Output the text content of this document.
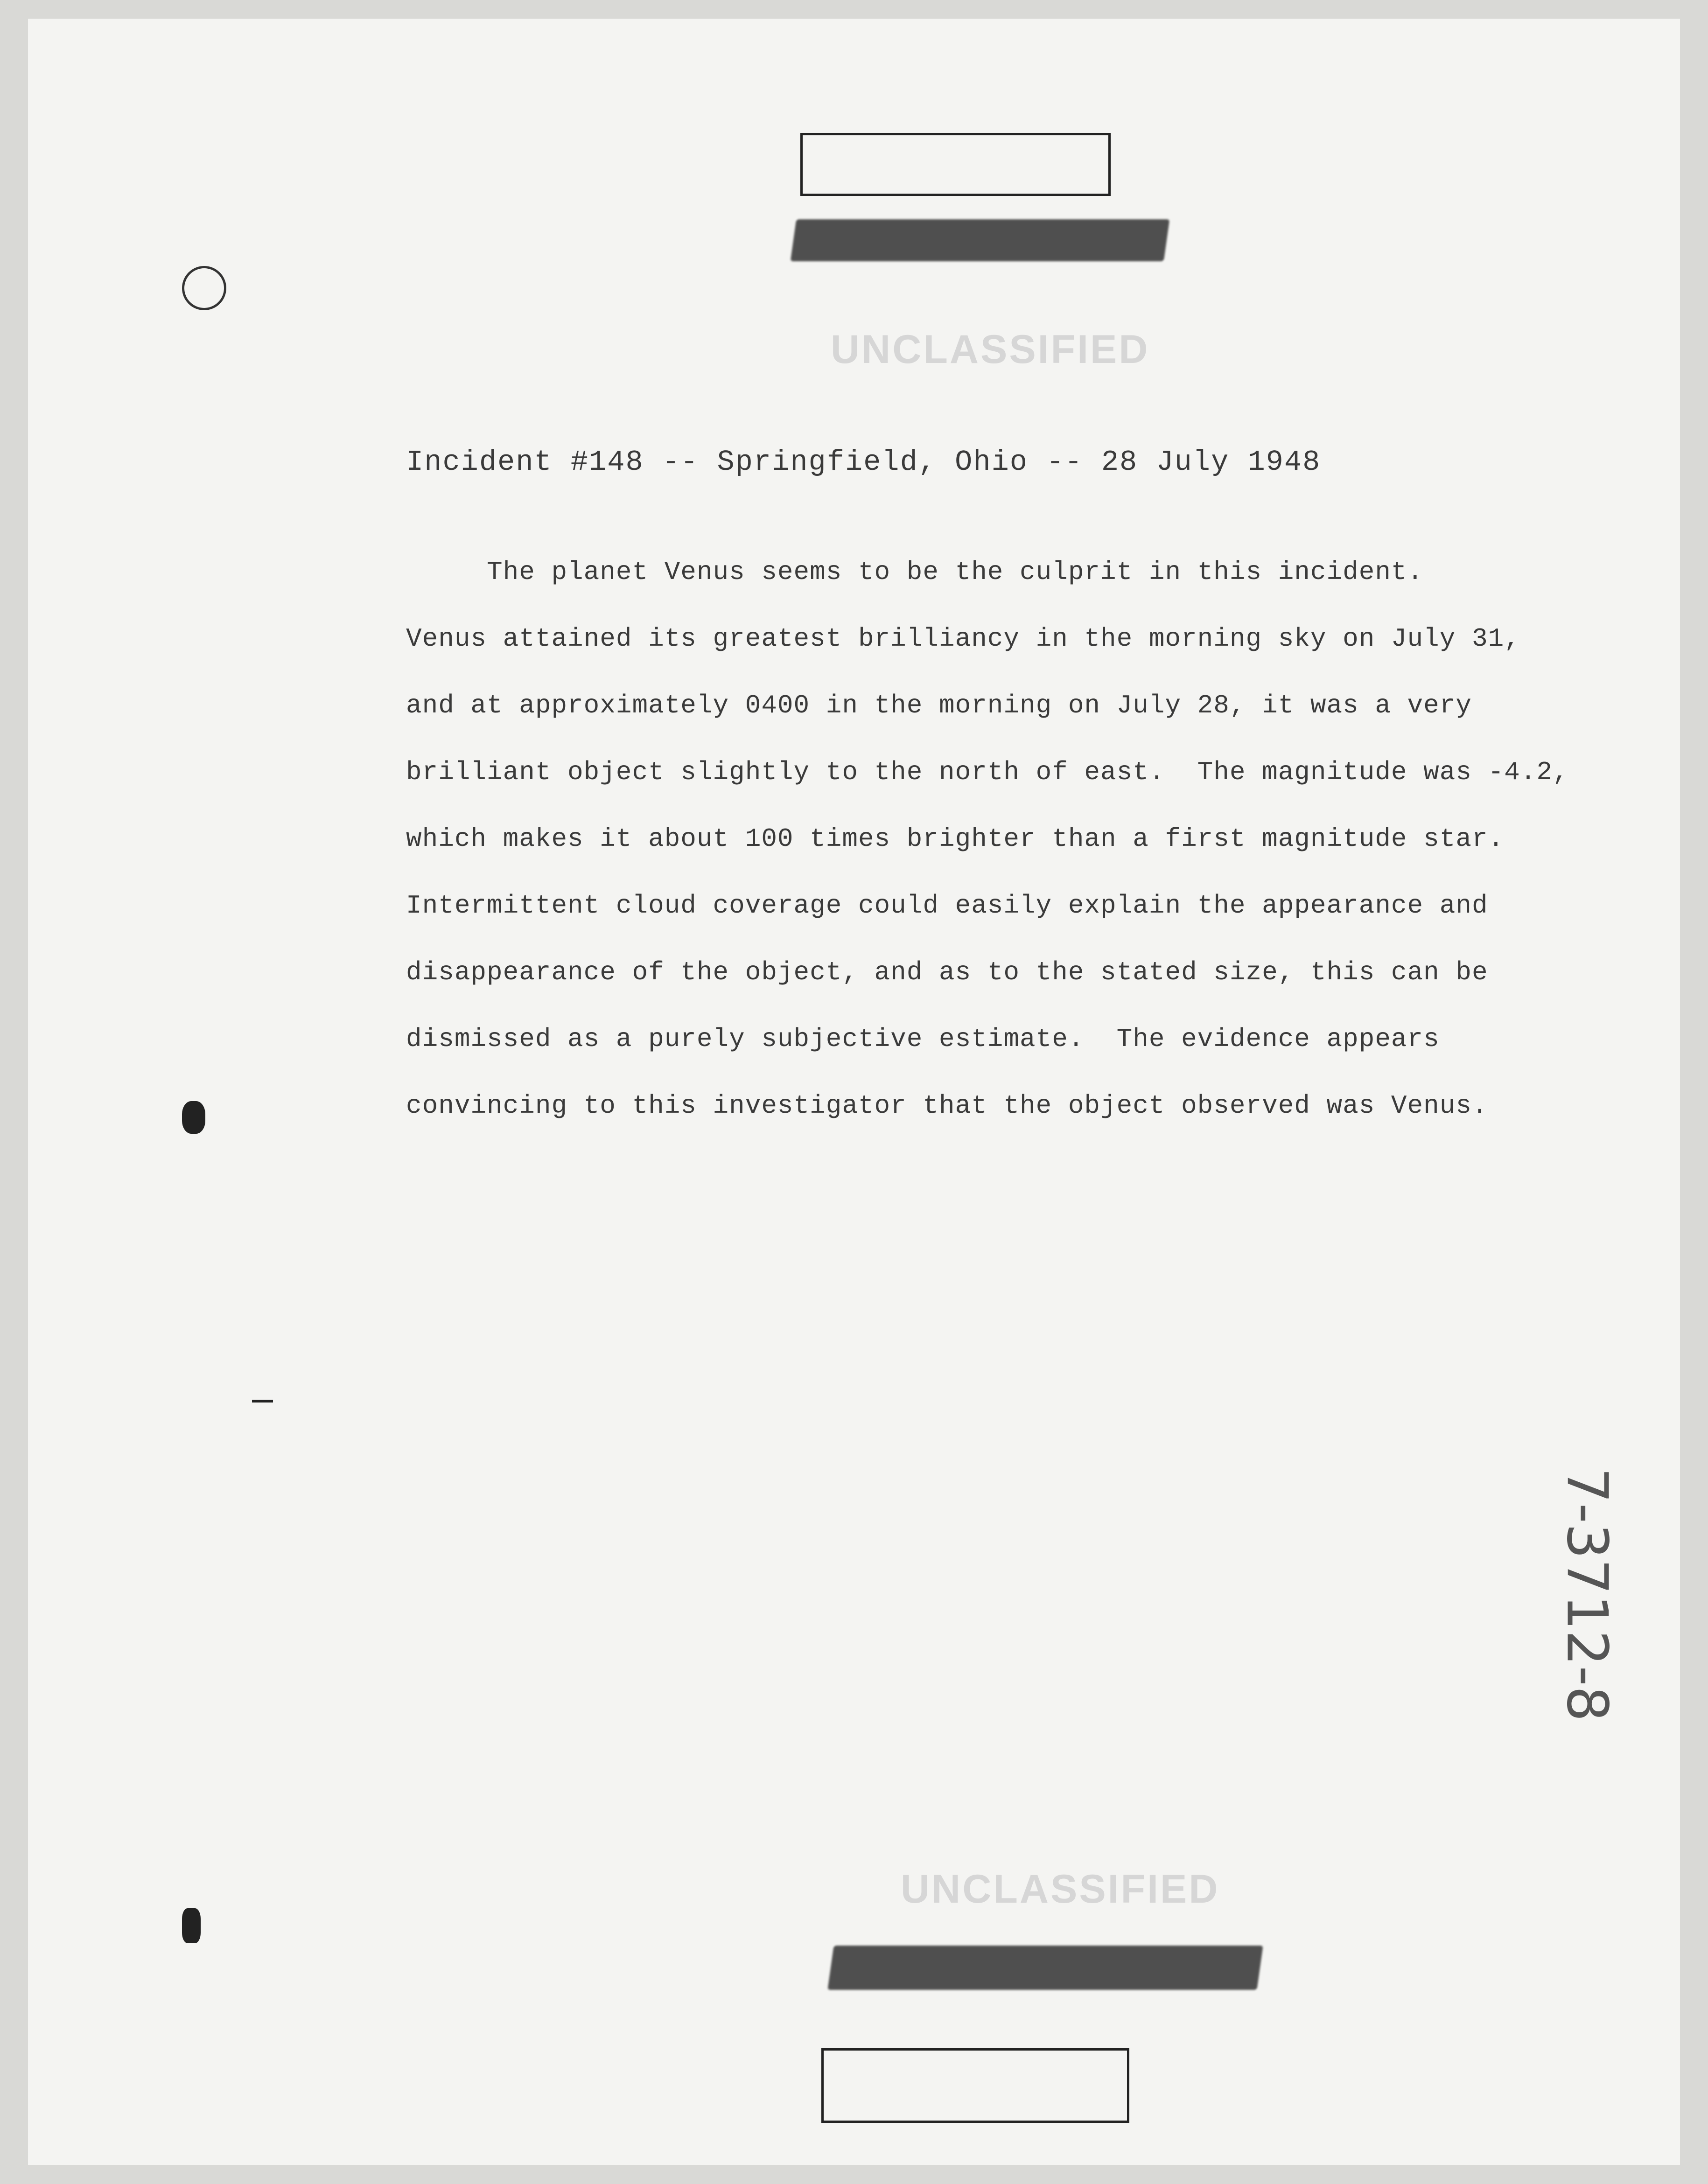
UNCLASSIFIED
Incident #148 -- Springfield, Ohio -- 28 July 1948
The planet Venus seems to be the culprit in this incident.
Venus attained its greatest brilliancy in the morning sky on July 31,
and at approximately 0400 in the morning on July 28, it was a very
brilliant object slightly to the north of east.  The magnitude was -4.2,
which makes it about 100 times brighter than a first magnitude star.
Intermittent cloud coverage could easily explain the appearance and
disappearance of the object, and as to the stated size, this can be
dismissed as a purely subjective estimate.  The evidence appears
convincing to this investigator that the object observed was Venus.
UNCLASSIFIED
7-3712-8
